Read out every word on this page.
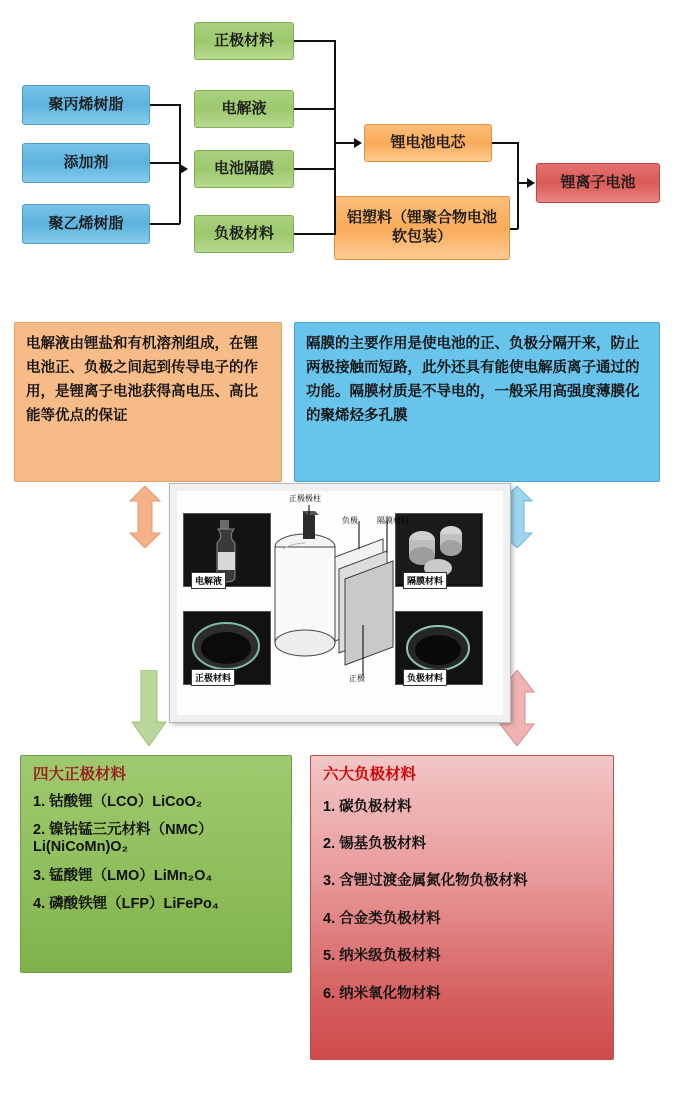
聚丙烯树脂
添加剂
聚乙烯树脂
正极材料
电解液
电池隔膜
负极材料
锂电池电芯
铝塑料（锂聚合物电池软包装）
锂离子电池
电解液由锂盐和有机溶剂组成，在锂电池正、负极之间起到传导电子的作用，是锂离子电池获得高电压、高比能等优点的保证
隔膜的主要作用是使电池的正、负极分隔开来，防止两极接触而短路，此外还具有能使电解质离子通过的功能。隔膜材质是不导电的，一般采用高强度薄膜化的聚烯烃多孔膜
正极极柱
负极 隔膜材料
正极
电解液	隔膜材料
正极材料	负极材料
四大正极材料
1. 钴酸锂（LCO）LiCoO₂
2. 镍钴锰三元材料（NMC）Li(NiCoMn)O₂
3. 锰酸锂（LMO）LiMn₂O₄
4. 磷酸铁锂（LFP）LiFePo₄
六大负极材料
1. 碳负极材料
2. 锡基负极材料
3. 含锂过渡金属氮化物负极材料
4. 合金类负极材料
5. 纳米级负极材料
6. 纳米氧化物材料
